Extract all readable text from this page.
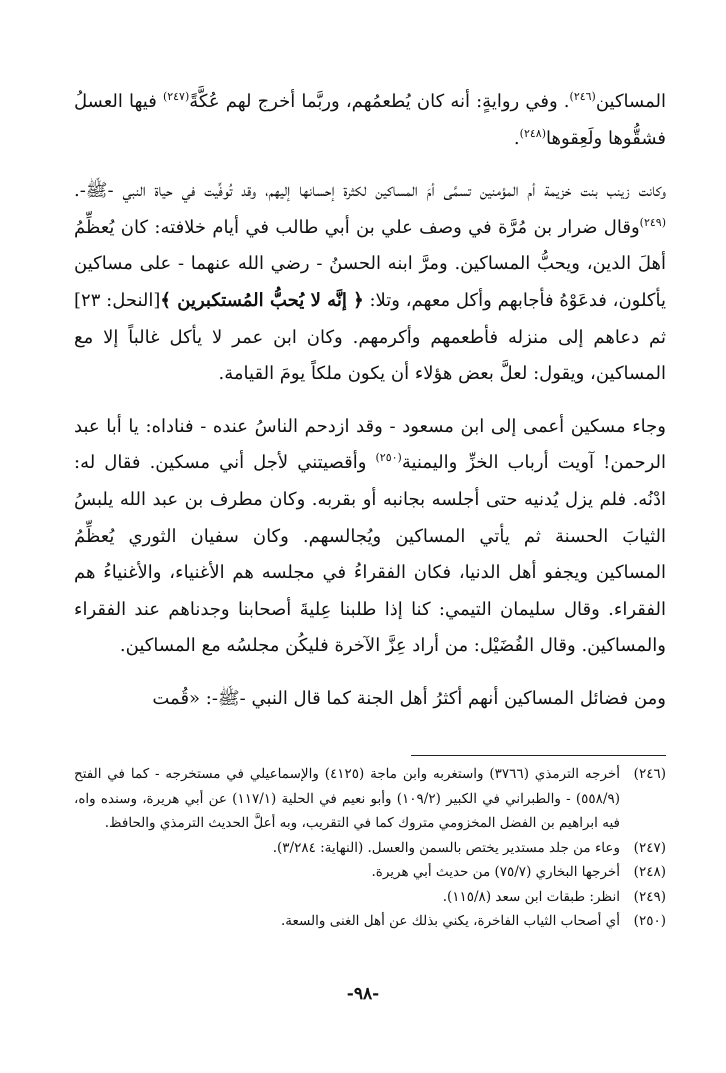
المساكين$^{(٢٤٦)}$. وفي روايةٍ: أنه كان يُطعمُهم، وربَّما أخرج لهم عُكَّةً$^{(٢٤٧)}$ فيها العسلُ فشقُّوها ولَعِقوها$^{(٢٤٨)}$.

وكانت زينب بنت خزيمة أم المؤمنين تسمَّى أمَ المساكين لكثرة إحسانها إليهم، وقد تُوفِّيت في حياة النبي -ﷺ-.$^{(٢٤٩)}$وقال ضرار بن مُرَّة في وصف علي بن أبي طالب في أيام خلافته: كان يُعظِّمُ أهلَ الدين، ويحبُّ المساكين. ومرَّ ابنه الحسنُ - رضي الله عنهما - على مساكين يأكلون، فدعَوْهُ فأجابهم وأكل معهم، وتلا: ﴿ إنَّه لا يُحبُّ المُستكبرين ﴾[النحل: ٢٣] ثم دعاهم إلى منزله فأطعمهم وأكرمهم. وكان ابن عمر لا يأكل غالباً إلا مع المساكين، ويقول: لعلَّ بعض هؤلاء أن يكون ملكاً يومَ القيامة.

وجاء مسكين أعمى إلى ابن مسعود - وقد ازدحم الناسُ عنده - فناداه: يا أبا عبد الرحمن! آويت أرباب الخزِّ واليمنية$^{(٢٥٠)}$ وأقصيتني لأجل أني مسكين. فقال له: ادْنُه. فلم يزل يُدنيه حتى أجلسه بجانبه أو بقربه. وكان مطرف بن عبد الله يلبسُ الثيابَ الحسنة ثم يأتي المساكين ويُجالسهم. وكان سفيان الثوري يُعظِّمُ المساكين ويجفو أهل الدنيا، فكان الفقراءُ في مجلسه هم الأغنياء، والأغنياءُ هم الفقراء. وقال سليمان التيمي: كنا إذا طلبنا عِليةَ أصحابنا وجدناهم عند الفقراء والمساكين. وقال الفُضَيْل: من أراد عِزَّ الآخرة فليكُن مجلسُه مع المساكين.

ومن فضائل المساكين أنهم أكثرُ أهل الجنة كما قال النبي -ﷺ-: «قُمت

(٢٤٦)
أخرجه الترمذي (٣٧٦٦) واستغربه وابن ماجة (٤١٢٥) والإسماعيلي في مستخرجه - كما في الفتح (٥٥٨/٩) - والطبراني في الكبير (١٠٩/٢) وأبو نعيم في الحلية (١١٧/١) عن أبي هريرة، وسنده واه، فيه ابراهيم بن الفضل المخزومي متروك كما في التقريب، وبه أعلَّ الحديث الترمذي والحافظ.
(٢٤٧)
وعاء من جلد مستدير يختص بالسمن والعسل. (النهاية: ٣/٢٨٤).
(٢٤٨)
أخرجها البخاري (٧٥/٧) من حديث أبي هريرة.
(٢٤٩)
انظر: طبقات ابن سعد (١١٥/٨).
(٢٥٠)
أي أصحاب الثياب الفاخرة، يكني بذلك عن أهل الغنى والسعة.
-٩٨-
